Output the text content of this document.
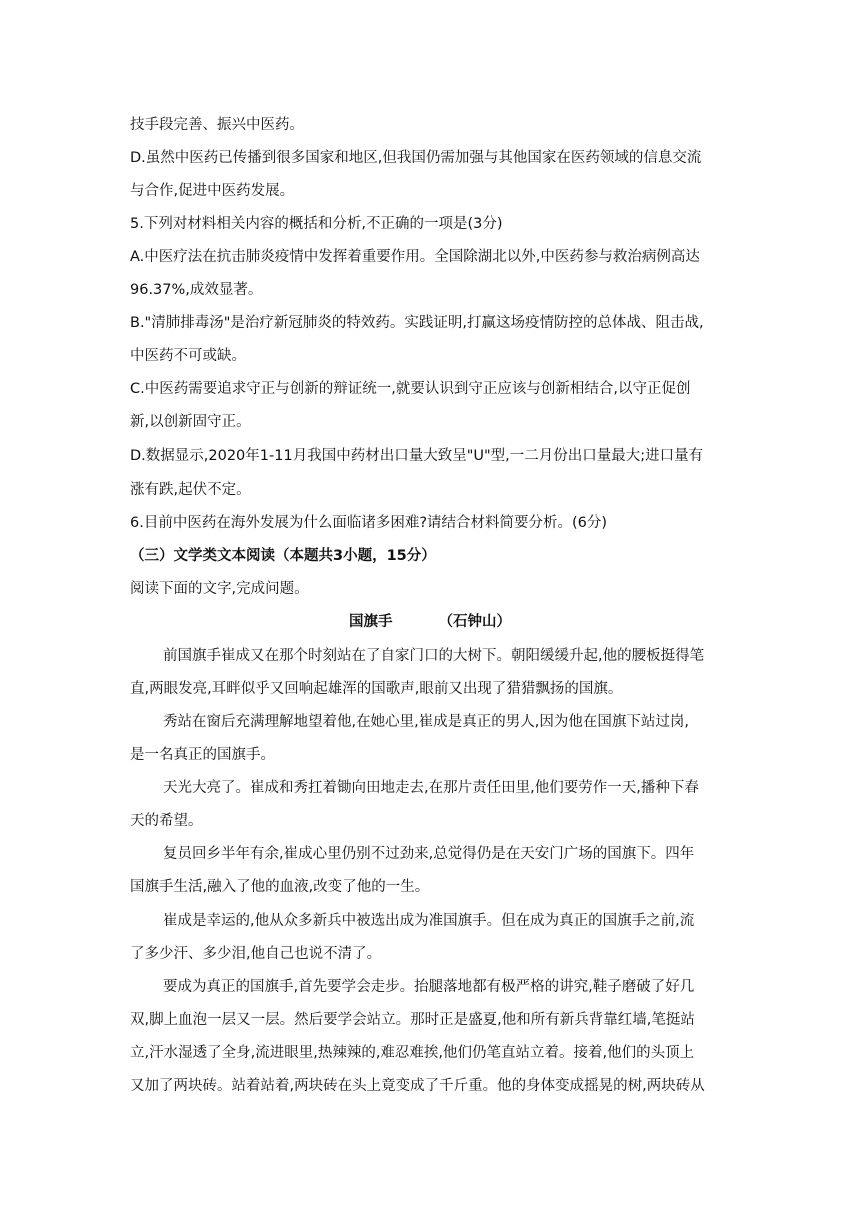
技手段完善、振兴中医药。
D.虽然中医药已传播到很多国家和地区,但我国仍需加强与其他国家在医药领域的信息交流
与合作,促进中医药发展。
5.下列对材料相关内容的概括和分析,不正确的一项是(3分)
A.中医疗法在抗击肺炎疫情中发挥着重要作用。全国除湖北以外,中医药参与救治病例高达
96.37%,成效显著。
B."清肺排毒汤"是治疗新冠肺炎的特效药。实践证明,打赢这场疫情防控的总体战、阻击战,
中医药不可或缺。
C.中医药需要追求守正与创新的辩证统一,就要认识到守正应该与创新相结合,以守正促创
新,以创新固守正。
D.数据显示,2020年1-11月我国中药材出口量大致呈"U"型,一二月份出口量最大;进口量有
涨有跌,起伏不定。
6.目前中医药在海外发展为什么面临诸多困难?请结合材料简要分析。(6分)
（三）文学类文本阅读（本题共3小题，15分）
阅读下面的文字,完成问题。
国旗手	（石钟山）
前国旗手崔成又在那个时刻站在了自家门口的大树下。朝阳缓缓升起,他的腰板挺得笔
直,两眼发亮,耳畔似乎又回响起雄浑的国歌声,眼前又出现了猎猎飘扬的国旗。
秀站在窗后充满理解地望着他,在她心里,崔成是真正的男人,因为他在国旗下站过岗,
是一名真正的国旗手。
天光大亮了。崔成和秀扛着锄向田地走去,在那片责任田里,他们要劳作一天,播种下春
天的希望。
复员回乡半年有余,崔成心里仍别不过劲来,总觉得仍是在天安门广场的国旗下。四年
国旗手生活,融入了他的血液,改变了他的一生。
崔成是幸运的,他从众多新兵中被选出成为准国旗手。但在成为真正的国旗手之前,流
了多少汗、多少泪,他自己也说不清了。
要成为真正的国旗手,首先要学会走步。抬腿落地都有极严格的讲究,鞋子磨破了好几
双,脚上血泡一层又一层。然后要学会站立。那时正是盛夏,他和所有新兵背靠红墙,笔挺站
立,汗水湿透了全身,流进眼里,热辣辣的,难忍难挨,他们仍笔直站立着。接着,他们的头顶上
又加了两块砖。站着站着,两块砖在头上竟变成了千斤重。他的身体变成摇晃的树,两块砖从
